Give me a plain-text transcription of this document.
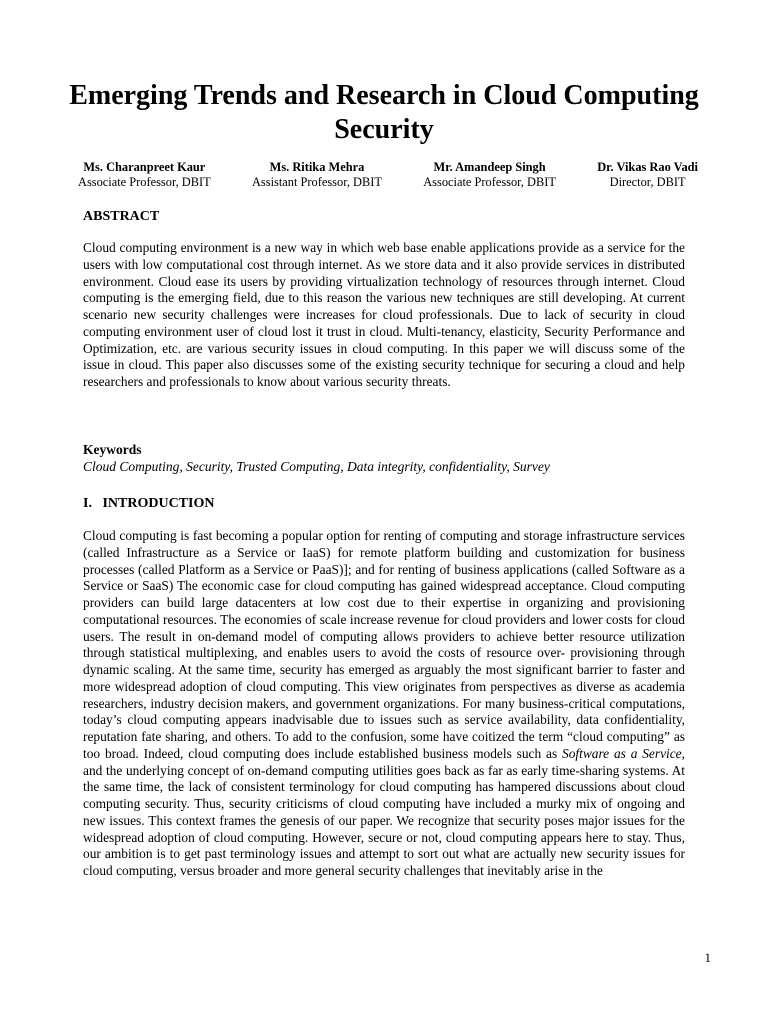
Emerging Trends and Research in Cloud Computing Security
Ms. Charanpreet Kaur
Associate Professor, DBIT
Ms. Ritika Mehra
Assistant Professor, DBIT
Mr. Amandeep Singh
Associate Professor, DBIT
Dr. Vikas Rao Vadi
Director, DBIT
ABSTRACT

Cloud computing environment is a new way in which web base enable applications provide as a service for the users with low computational cost through internet. As we store data and it also provide services in distributed environment. Cloud ease its users by providing virtualization technology of resources through internet. Cloud computing is the emerging field, due to this reason the various new techniques are still developing. At current scenario new security challenges were increases for cloud professionals. Due to lack of security in cloud computing environment user of cloud lost it trust in cloud. Multi-tenancy, elasticity, Security Performance and Optimization, etc. are various security issues in cloud computing. In this paper we will discuss some of the issue in cloud. This paper also discusses some of the existing security technique for securing a cloud and help researchers and professionals to know about various security threats.

Keywords
Cloud Computing, Security, Trusted Computing, Data integrity, confidentiality, Survey
I. INTRODUCTION

Cloud computing is fast becoming a popular option for renting of computing and storage infrastructure services (called Infrastructure as a Service or IaaS) for remote platform building and customization for business processes (called Platform as a Service or PaaS)]; and for renting of business applications (called Software as a Service or SaaS) The economic case for cloud computing has gained widespread acceptance. Cloud computing providers can build large datacenters at low cost due to their expertise in organizing and provisioning computational resources. The economies of scale increase revenue for cloud providers and lower costs for cloud users. The result in on-demand model of computing allows providers to achieve better resource utilization through statistical multiplexing, and enables users to avoid the costs of resource over- provisioning through dynamic scaling. At the same time, security has emerged as arguably the most significant barrier to faster and more widespread adoption of cloud computing. This view originates from perspectives as diverse as academia researchers, industry decision makers, and government organizations. For many business-critical computations, today’s cloud computing appears inadvisable due to issues such as service availability, data confidentiality, reputation fate sharing, and others. To add to the confusion, some have coitized the term “cloud computing” as too broad. Indeed, cloud computing does include established business models such as Software as a Service, and the underlying concept of on-demand computing utilities goes back as far as early time-sharing systems. At the same time, the lack of consistent terminology for cloud computing has hampered discussions about cloud computing security. Thus, security criticisms of cloud computing have included a murky mix of ongoing and new issues. This context frames the genesis of our paper. We recognize that security poses major issues for the widespread adoption of cloud computing. However, secure or not, cloud computing appears here to stay. Thus, our ambition is to get past terminology issues and attempt to sort out what are actually new security issues for cloud computing, versus broader and more general security challenges that inevitably arise in the

1
